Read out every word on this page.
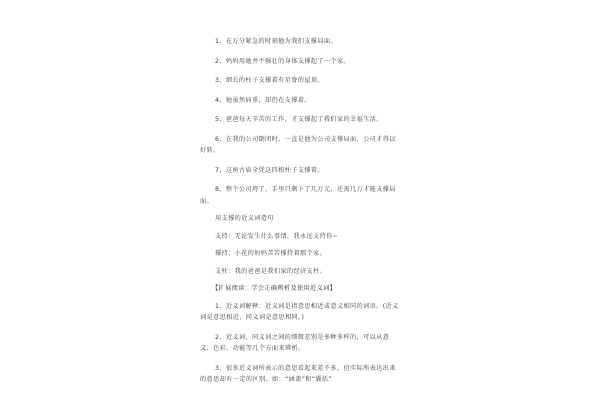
1、在万分紧急的时刻他为我们支撑局面。

2、妈妈用她并不强壮的身体支撑起了一个家。

3、细长的柱子支撑着有星脊的屋顶。

4、她虽然病重，却仍在支撑着。

5、爸爸每天辛苦的工作，才支撑起了我们家的幸福生活。

6、在我的公司倒闭时，一直是他为公司支撑局面，公司才得以好转。

7、这座古庙全凭这四根柱子支撑着。

8、整个公司垮了，手里只剩下了几万元，还需几万才能支撑局面。

用支撑的近义词造句

支持：无论发生什么事情，我永远支持你~

撑持：小花的妈妈苦苦撑持着那个家。

支柱：我的爸爸是我们家的经济支柱。

【扩展阅读：学会正确辨析及使用近义词】

1、近义词解释：近义词是指意思相近或意义相同的词语。(近义词是意思相近，同义词是意思相同。)

2、近义词、同义词之间的细微差别是多种多样的，可以从意义、色彩、功能等几个方面来辨析。

3、很多近义词所表示的意思看起来差不多，但实际所表达出来的意思却有一定的区别。如：“涵盖”和“囊括”
